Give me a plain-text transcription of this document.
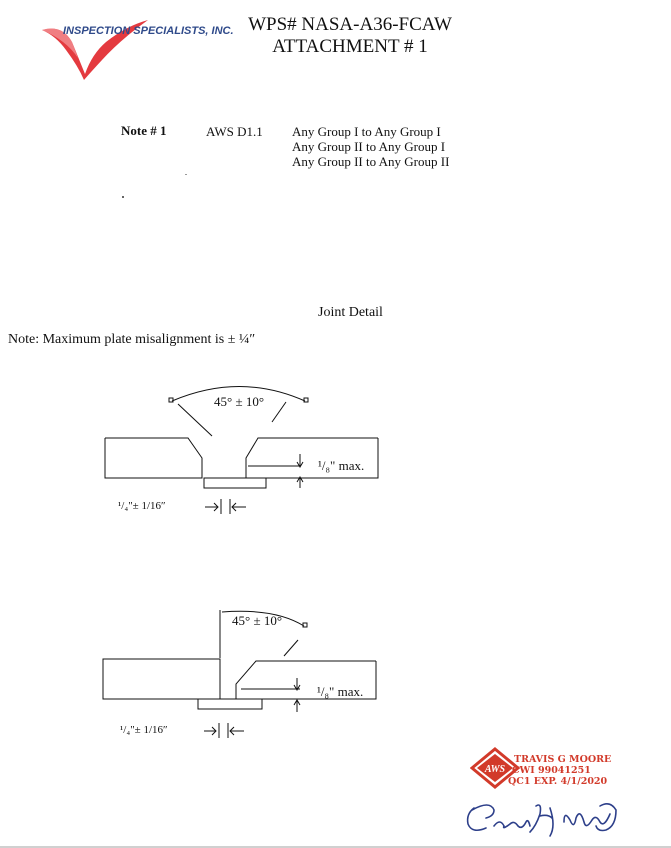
INSPECTION SPECIALISTS, INC. WPS# NASA-A36-FCAW
ATTACHMENT # 1
Note # 1	AWS D1.1 Any Group I to Any Group I
Any Group II to Any Group I
Any Group II to Any Group II
Joint Detail
Note: Maximum plate misalignment is ± ¼″
45° ± 10°
¹/₈" max.
¹/₄"± 1/16″
45° ± 10°
¹/₈" max.
¹/₄"± 1/16″
AWS
TRAVIS G MOORE
CWI 99041251
QC1 EXP. 4/1/2020
